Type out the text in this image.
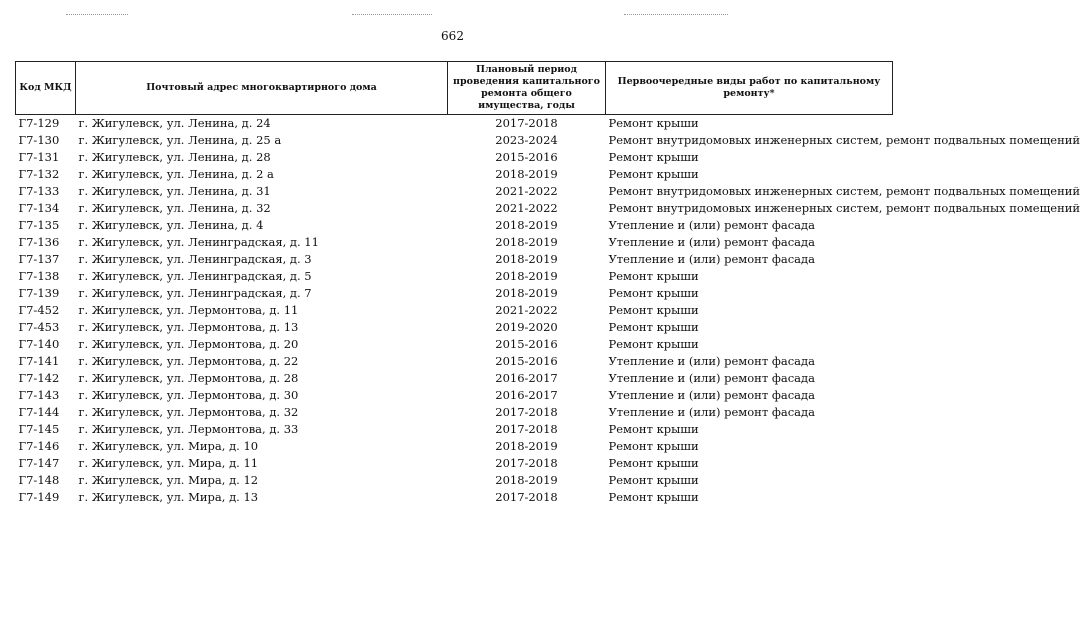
662
Код МКД	Почтовый адрес многоквартирного дома	Плановый период проведения капитального ремонта общего имущества, годы	Первоочередные виды работ по капитальному ремонту*
Г7-129	г. Жигулевск, ул. Ленина, д. 24	2017-2018	Ремонт крыши
Г7-130	г. Жигулевск, ул. Ленина, д. 25 а	2023-2024	Ремонт внутридомовых инженерных систем, ремонт подвальных помещений
Г7-131	г. Жигулевск, ул. Ленина, д. 28	2015-2016	Ремонт крыши
Г7-132	г. Жигулевск, ул. Ленина, д. 2 а	2018-2019	Ремонт крыши
Г7-133	г. Жигулевск, ул. Ленина, д. 31	2021-2022	Ремонт внутридомовых инженерных систем, ремонт подвальных помещений
Г7-134	г. Жигулевск, ул. Ленина, д. 32	2021-2022	Ремонт внутридомовых инженерных систем, ремонт подвальных помещений
Г7-135	г. Жигулевск, ул. Ленина, д. 4	2018-2019	Утепление и (или) ремонт фасада
Г7-136	г. Жигулевск, ул. Ленинградская, д. 11	2018-2019	Утепление и (или) ремонт фасада
Г7-137	г. Жигулевск, ул. Ленинградская, д. 3	2018-2019	Утепление и (или) ремонт фасада
Г7-138	г. Жигулевск, ул. Ленинградская, д. 5	2018-2019	Ремонт крыши
Г7-139	г. Жигулевск, ул. Ленинградская, д. 7	2018-2019	Ремонт крыши
Г7-452	г. Жигулевск, ул. Лермонтова, д. 11	2021-2022	Ремонт крыши
Г7-453	г. Жигулевск, ул. Лермонтова, д. 13	2019-2020	Ремонт крыши
Г7-140	г. Жигулевск, ул. Лермонтова, д. 20	2015-2016	Ремонт крыши
Г7-141	г. Жигулевск, ул. Лермонтова, д. 22	2015-2016	Утепление и (или) ремонт фасада
Г7-142	г. Жигулевск, ул. Лермонтова, д. 28	2016-2017	Утепление и (или) ремонт фасада
Г7-143	г. Жигулевск, ул. Лермонтова, д. 30	2016-2017	Утепление и (или) ремонт фасада
Г7-144	г. Жигулевск, ул. Лермонтова, д. 32	2017-2018	Утепление и (или) ремонт фасада
Г7-145	г. Жигулевск, ул. Лермонтова, д. 33	2017-2018	Ремонт крыши
Г7-146	г. Жигулевск, ул. Мира, д. 10	2018-2019	Ремонт крыши
Г7-147	г. Жигулевск, ул. Мира, д. 11	2017-2018	Ремонт крыши
Г7-148	г. Жигулевск, ул. Мира, д. 12	2018-2019	Ремонт крыши
Г7-149	г. Жигулевск, ул. Мира, д. 13	2017-2018	Ремонт крыши
